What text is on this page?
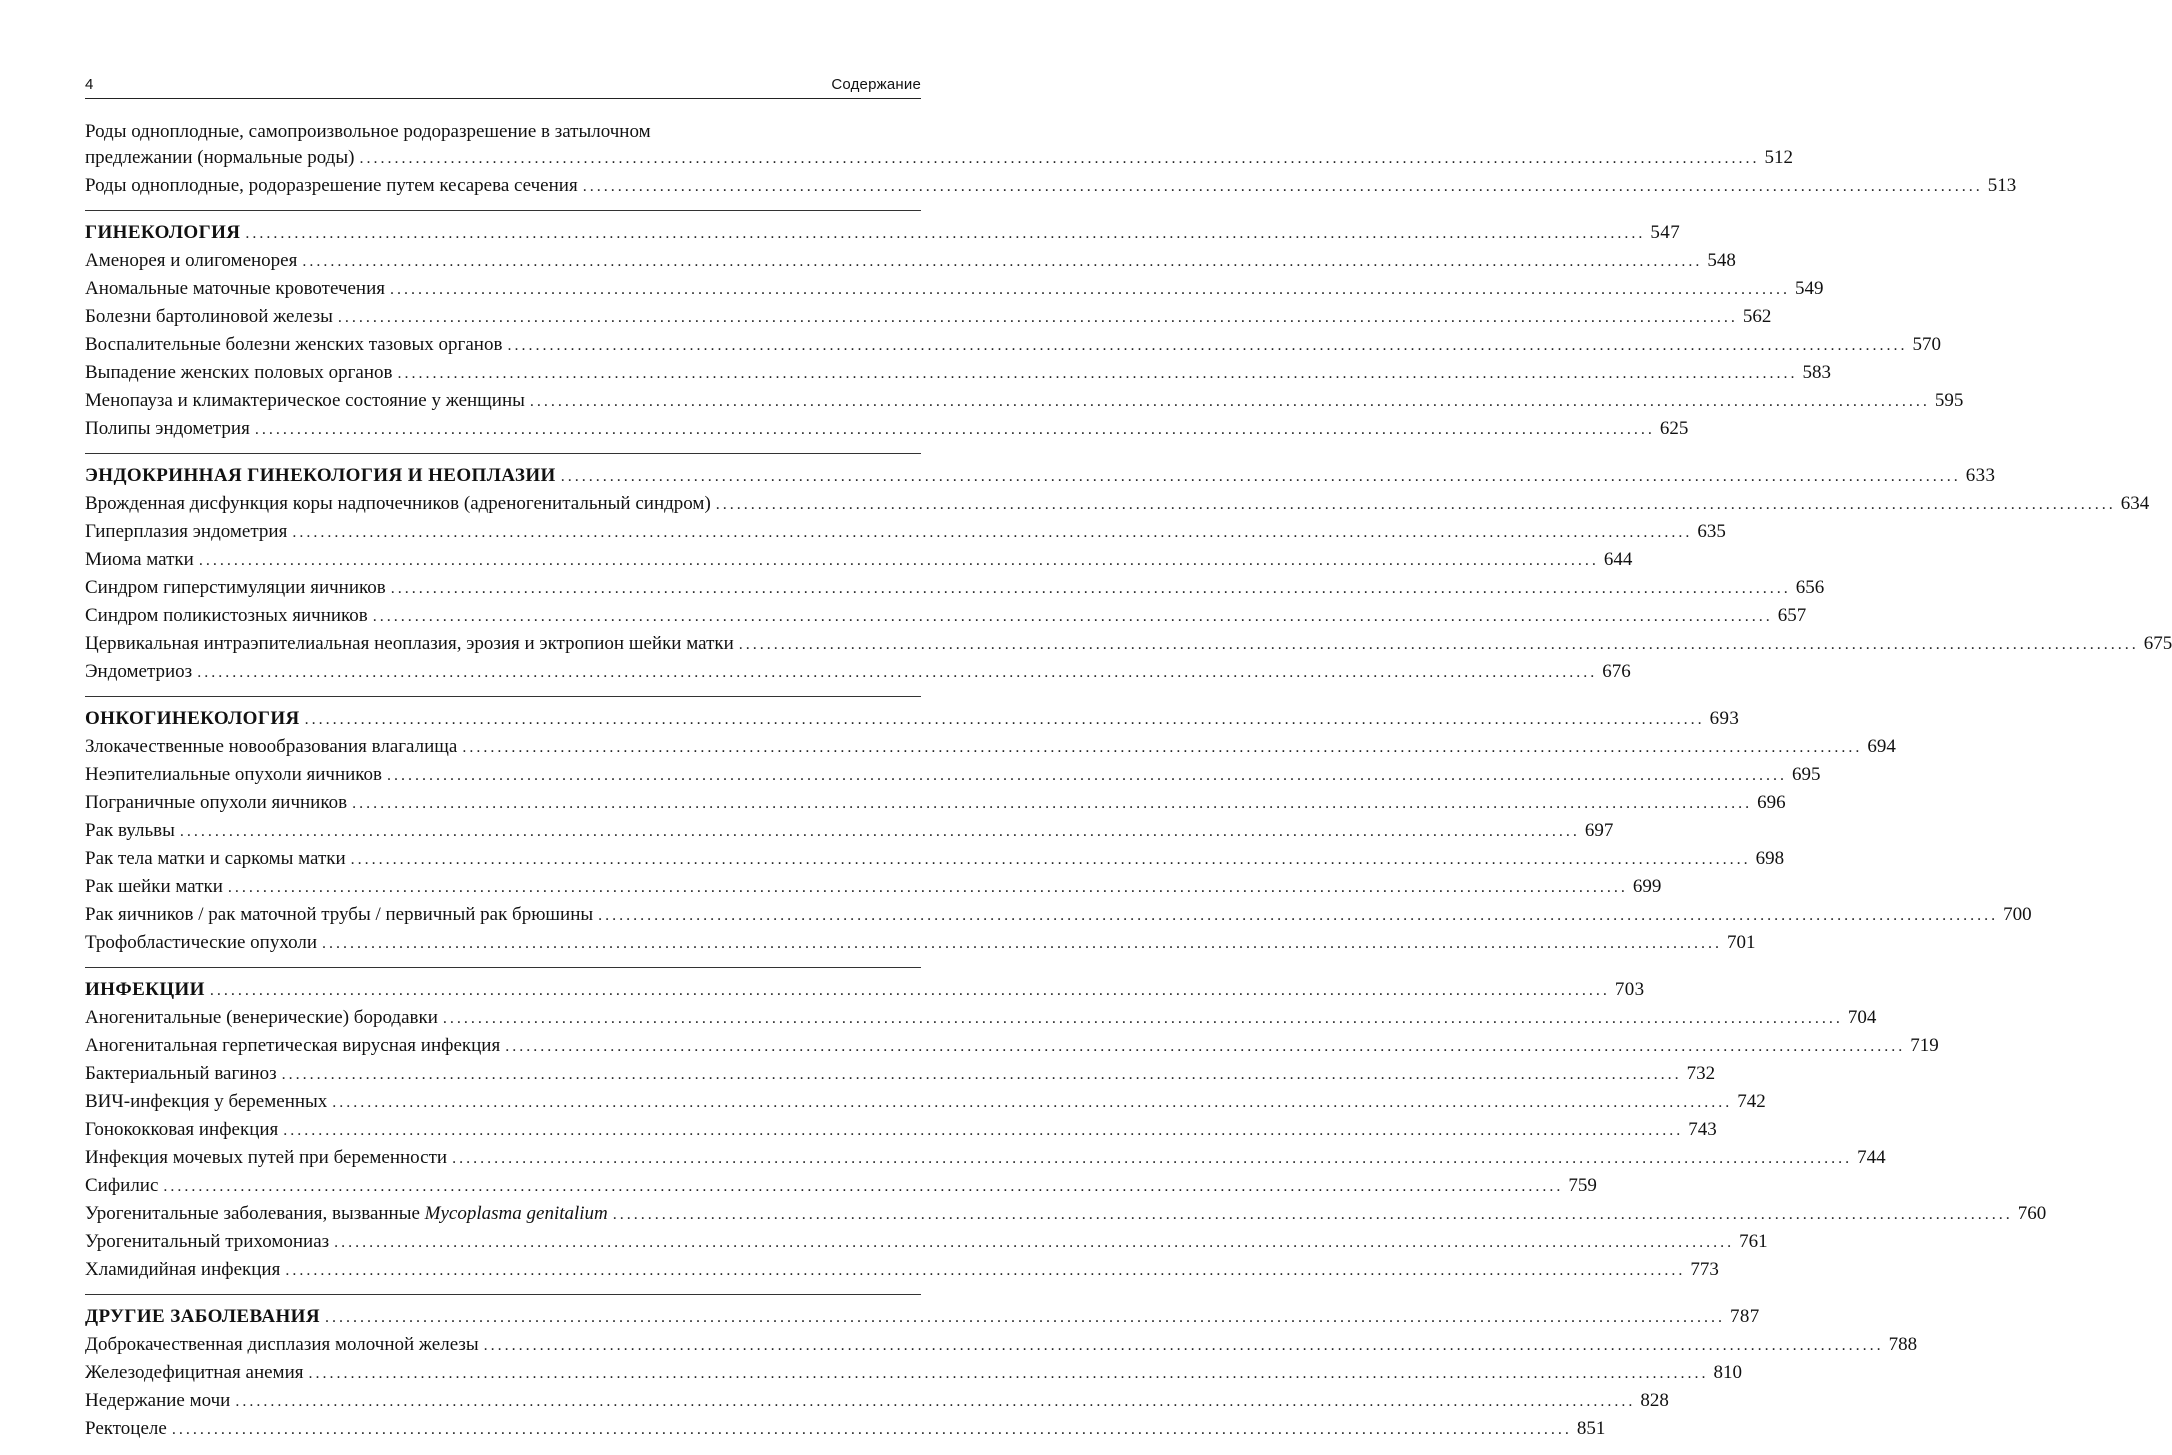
4	Содержание
Роды одноплодные, самопроизвольное родоразрешение в затылочном
предлежании (нормальные роды) ........................................................................................................................................................................................................ 512
Роды одноплодные, родоразрешение путем кесарева сечения ........................................................................................................................................................................................................ 513
ГИНЕКОЛОГИЯ ........................................................................................................................................................................................................ 547
Аменорея и олигоменорея ........................................................................................................................................................................................................ 548
Аномальные маточные кровотечения ........................................................................................................................................................................................................ 549
Болезни бартолиновой железы ........................................................................................................................................................................................................ 562
Воспалительные болезни женских тазовых органов ........................................................................................................................................................................................................ 570
Выпадение женских половых органов ........................................................................................................................................................................................................ 583
Менопауза и климактерическое состояние у женщины ........................................................................................................................................................................................................ 595
Полипы эндометрия ........................................................................................................................................................................................................ 625
ЭНДОКРИННАЯ ГИНЕКОЛОГИЯ И НЕОПЛАЗИИ ........................................................................................................................................................................................................ 633
Врожденная дисфункция коры надпочечников (адреногенитальный синдром) ........................................................................................................................................................................................................ 634
Гиперплазия эндометрия ........................................................................................................................................................................................................ 635
Миома матки ........................................................................................................................................................................................................ 644
Синдром гиперстимуляции яичников ........................................................................................................................................................................................................ 656
Синдром поликистозных яичников ........................................................................................................................................................................................................ 657
Цервикальная интраэпителиальная неоплазия, эрозия и эктропион шейки матки ........................................................................................................................................................................................................ 675
Эндометриоз ........................................................................................................................................................................................................ 676
ОНКОГИНЕКОЛОГИЯ ........................................................................................................................................................................................................ 693
Злокачественные новообразования влагалища ........................................................................................................................................................................................................ 694
Неэпителиальные опухоли яичников ........................................................................................................................................................................................................ 695
Пограничные опухоли яичников ........................................................................................................................................................................................................ 696
Рак вульвы ........................................................................................................................................................................................................ 697
Рак тела матки и саркомы матки ........................................................................................................................................................................................................ 698
Рак шейки матки ........................................................................................................................................................................................................ 699
Рак яичников / рак маточной трубы / первичный рак брюшины ........................................................................................................................................................................................................ 700
Трофобластические опухоли ........................................................................................................................................................................................................ 701
ИНФЕКЦИИ ........................................................................................................................................................................................................ 703
Аногенитальные (венерические) бородавки ........................................................................................................................................................................................................ 704
Аногенитальная герпетическая вирусная инфекция ........................................................................................................................................................................................................ 719
Бактериальный вагиноз ........................................................................................................................................................................................................ 732
ВИЧ-инфекция у беременных ........................................................................................................................................................................................................ 742
Гонококковая инфекция ........................................................................................................................................................................................................ 743
Инфекция мочевых путей при беременности ........................................................................................................................................................................................................ 744
Сифилис ........................................................................................................................................................................................................ 759
Урогенитальные заболевания, вызванные Mycoplasma genitalium ........................................................................................................................................................................................................ 760
Урогенитальный трихомониаз ........................................................................................................................................................................................................ 761
Хламидийная инфекция ........................................................................................................................................................................................................ 773
ДРУГИЕ ЗАБОЛЕВАНИЯ ........................................................................................................................................................................................................ 787
Доброкачественная дисплазия молочной железы ........................................................................................................................................................................................................ 788
Железодефицитная анемия ........................................................................................................................................................................................................ 810
Недержание мочи ........................................................................................................................................................................................................ 828
Ректоцеле ........................................................................................................................................................................................................ 851
